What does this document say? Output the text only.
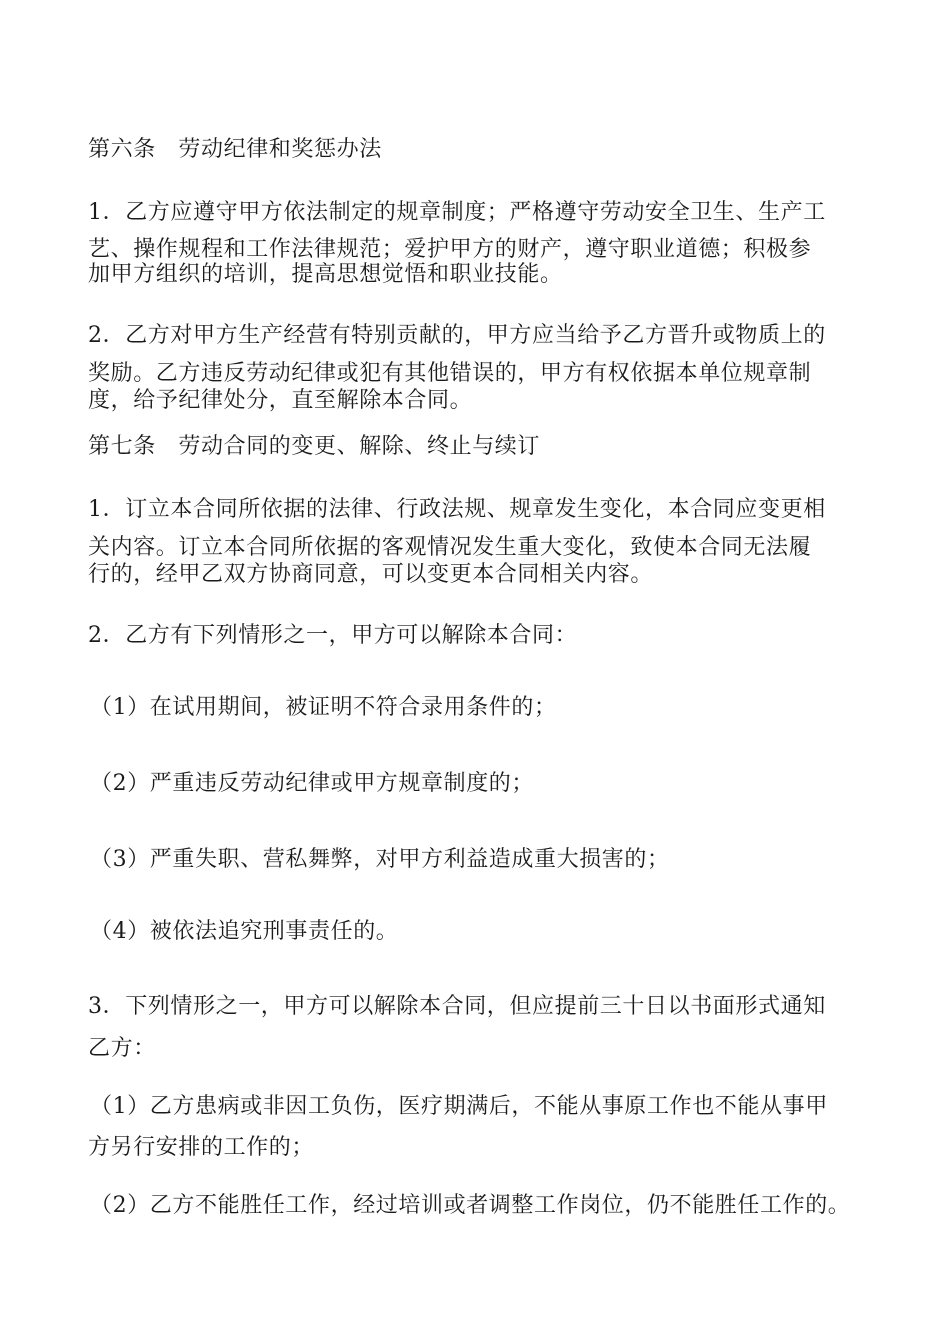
第六条　劳动纪律和奖惩办法
1．乙方应遵守甲方依法制定的规章制度；严格遵守劳动安全卫生、生产工
艺、操作规程和工作法律规范；爱护甲方的财产，遵守职业道德；积极参
加甲方组织的培训，提高思想觉悟和职业技能。
2．乙方对甲方生产经营有特别贡献的，甲方应当给予乙方晋升或物质上的
奖励。乙方违反劳动纪律或犯有其他错误的，甲方有权依据本单位规章制
度，给予纪律处分，直至解除本合同。
第七条　劳动合同的变更、解除、终止与续订
1．订立本合同所依据的法律、行政法规、规章发生变化，本合同应变更相
关内容。订立本合同所依据的客观情况发生重大变化，致使本合同无法履
行的，经甲乙双方协商同意，可以变更本合同相关内容。
2．乙方有下列情形之一，甲方可以解除本合同：
（1）在试用期间，被证明不符合录用条件的；
（2）严重违反劳动纪律或甲方规章制度的；
（3）严重失职、营私舞弊，对甲方利益造成重大损害的；
（4）被依法追究刑事责任的。
3．下列情形之一，甲方可以解除本合同，但应提前三十日以书面形式通知
乙方：
（1）乙方患病或非因工负伤，医疗期满后，不能从事原工作也不能从事甲
方另行安排的工作的；
（2）乙方不能胜任工作，经过培训或者调整工作岗位，仍不能胜任工作的。
